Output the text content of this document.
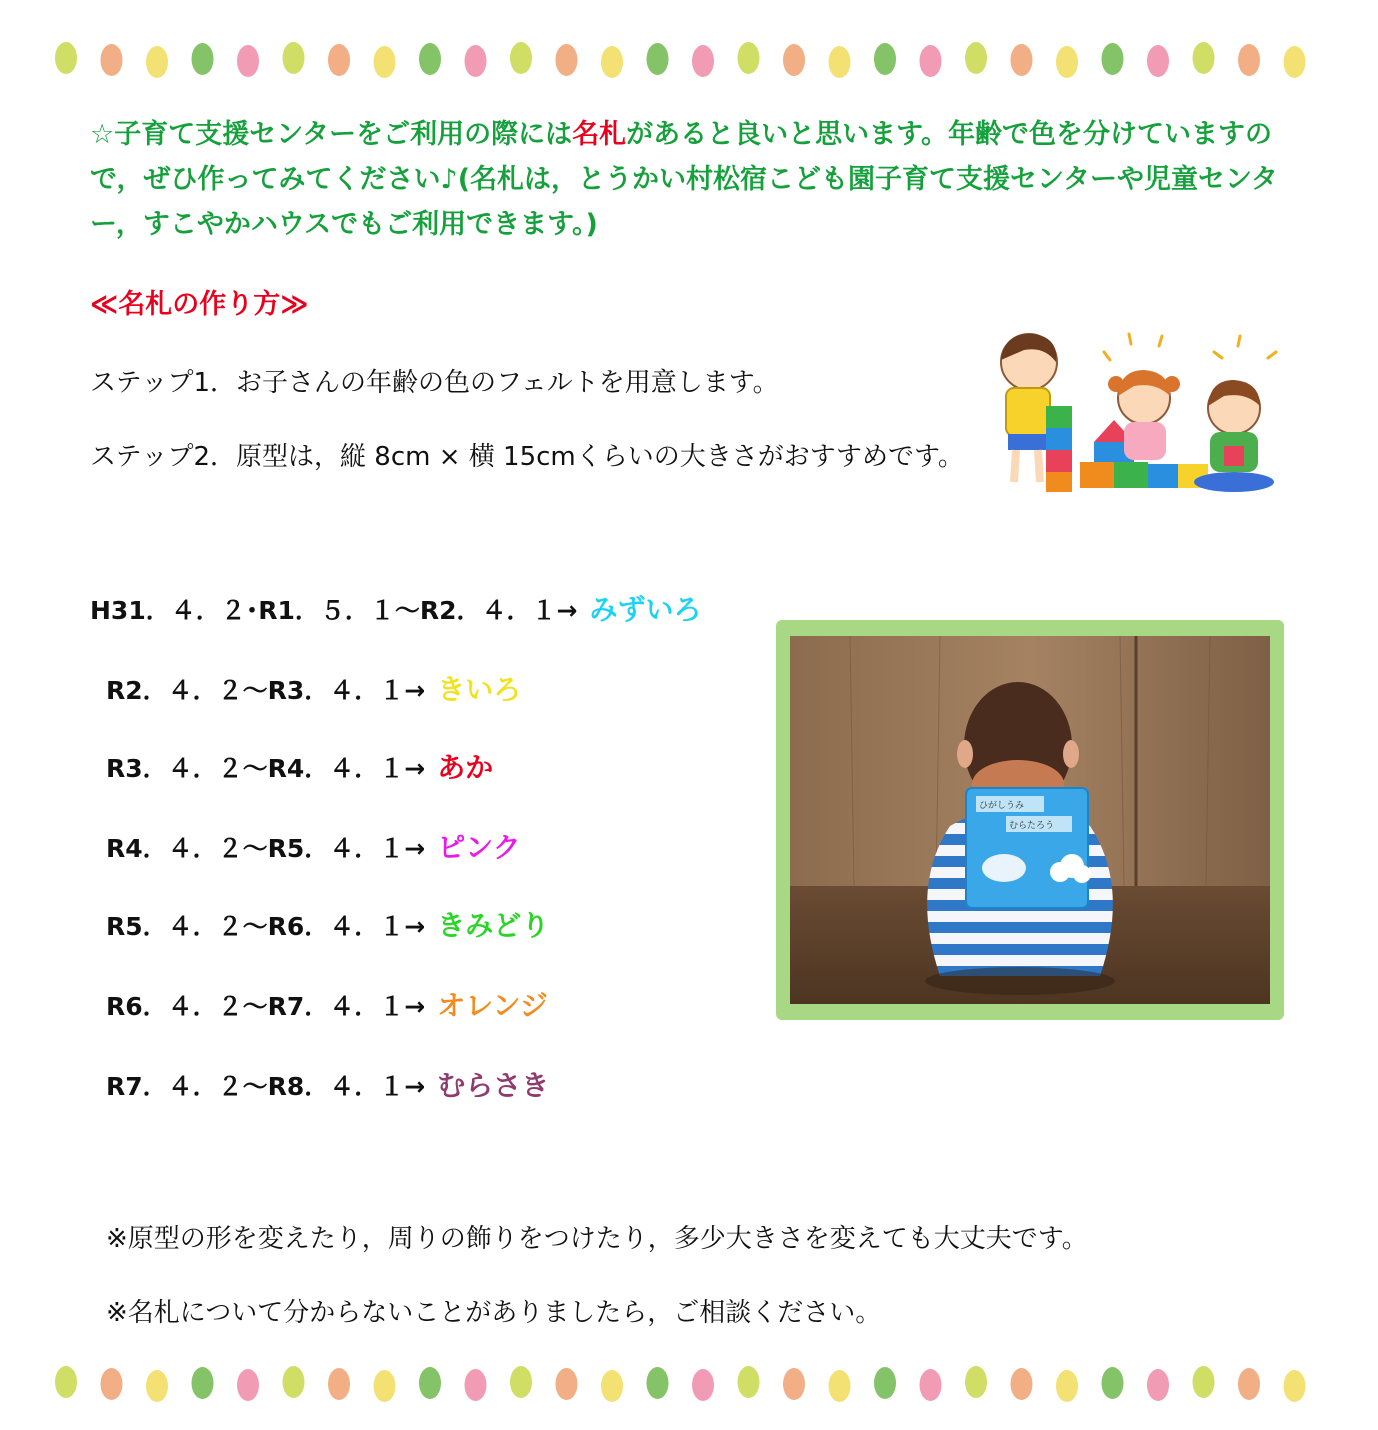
☆子育て支援センターをご利用の際には名札があると良いと思います。年齢で色を分けていますので，ぜひ作ってみてください♪(名札は，とうかい村松宿こども園子育て支援センターや児童センター，すこやかハウスでもご利用できます。)
≪名札の作り方≫
ステップ1．お子さんの年齢の色のフェルトを用意します。
ステップ2．原型は，縦 8cm × 横 15cmくらいの大きさがおすすめです。
H31．４．２･R1．５．１～R2．４．１→ みずいろ
R2．４．２～R3．４．１→ きいろ
R3．４．２～R4．４．１→ あか
R4．４．２～R5．４．１→ ピンク
R5．４．２～R6．４．１→ きみどり
R6．４．２～R7．４．１→ オレンジ
R7．４．２～R8．４．１→ むらさき
ひがしうみ
むらたろう
※原型の形を変えたり，周りの飾りをつけたり，多少大きさを変えても大丈夫です。
※名札について分からないことがありましたら，ご相談ください。
